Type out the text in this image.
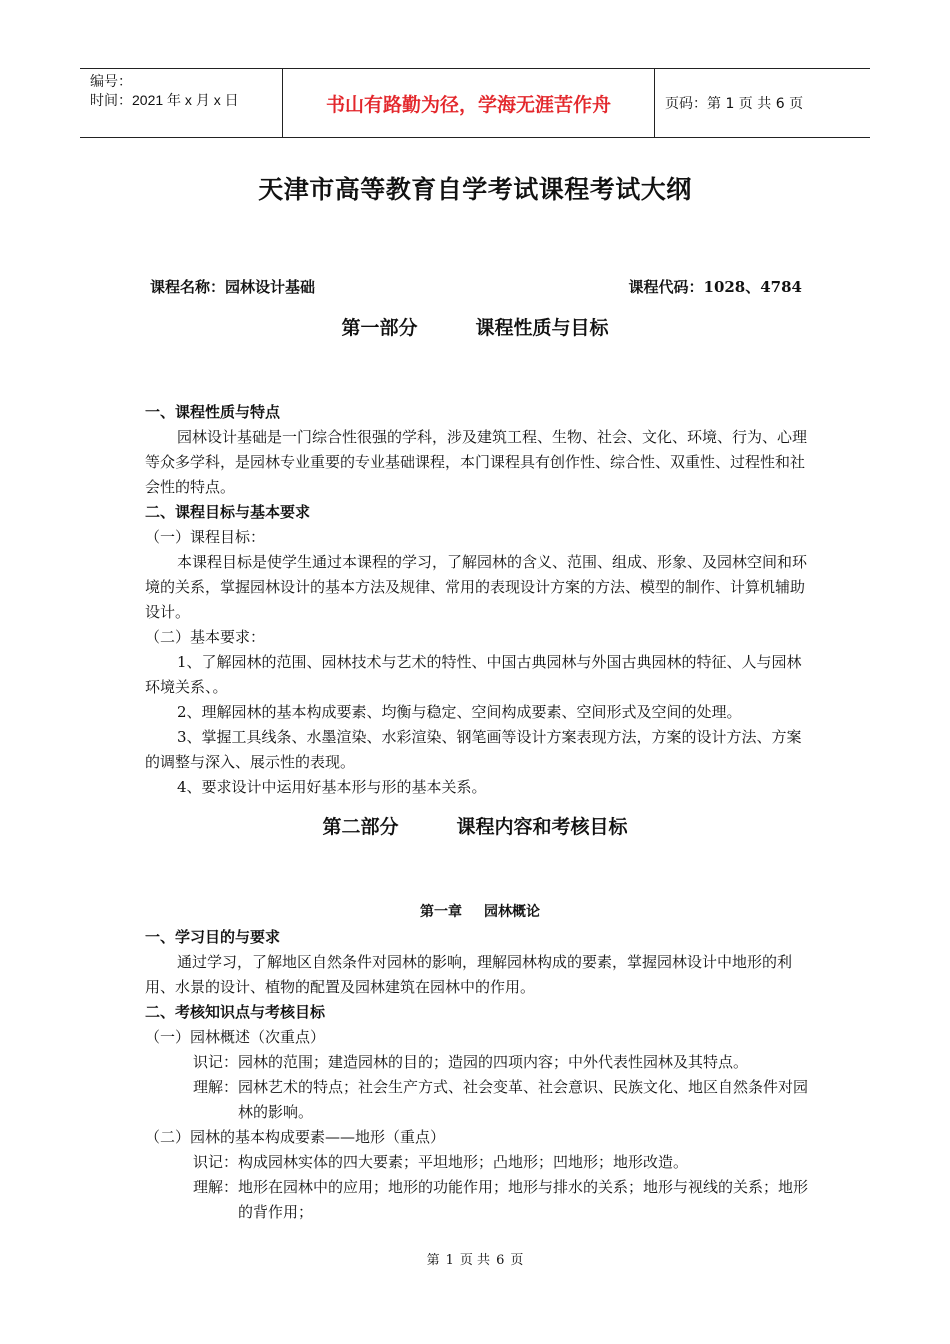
编号：
时间：2021 年 x 月 x 日	书山有路勤为径，学海无涯苦作舟	页码：第 1 页 共 6 页
天津市高等教育自学考试课程考试大纲
课程名称：园林设计基础	课程代码：1028、4784
第一部分	课程性质与目标
一、课程性质与特点

园林设计基础是一门综合性很强的学科，涉及建筑工程、生物、社会、文化、环境、行为、心理等众多学科，是园林专业重要的专业基础课程，本门课程具有创作性、综合性、双重性、过程性和社会性的特点。

二、课程目标与基本要求

（一）课程目标：

本课程目标是使学生通过本课程的学习，了解园林的含义、范围、组成、形象、及园林空间和环境的关系，掌握园林设计的基本方法及规律、常用的表现设计方案的方法、模型的制作、计算机辅助设计。

（二）基本要求：

1、了解园林的范围、园林技术与艺术的特性、中国古典园林与外国古典园林的特征、人与园林环境关系、。

2、理解园林的基本构成要素、均衡与稳定、空间构成要素、空间形式及空间的处理。

3、掌握工具线条、水墨渲染、水彩渲染、钢笔画等设计方案表现方法，方案的设计方法、方案的调整与深入、展示性的表现。

4、要求设计中运用好基本形与形的基本关系。

第二部分	课程内容和考核目标
第一章 园林概论
一、学习目的与要求

通过学习，了解地区自然条件对园林的影响，理解园林构成的要素，掌握园林设计中地形的利用、水景的设计、植物的配置及园林建筑在园林中的作用。

二、考核知识点与考核目标

（一）园林概述（次重点）

识记： 园林的范围；建造园林的目的；造园的四项内容；中外代表性园林及其特点。
理解： 园林艺术的特点；社会生产方式、社会变革、社会意识、民族文化、地区自然条件对园林的影响。

（二）园林的基本构成要素——地形（重点）

识记： 构成园林实体的四大要素；平坦地形；凸地形；凹地形；地形改造。
理解： 地形在园林中的应用；地形的功能作用；地形与排水的关系；地形与视线的关系；地形的背作用；
第 1 页 共 6 页
